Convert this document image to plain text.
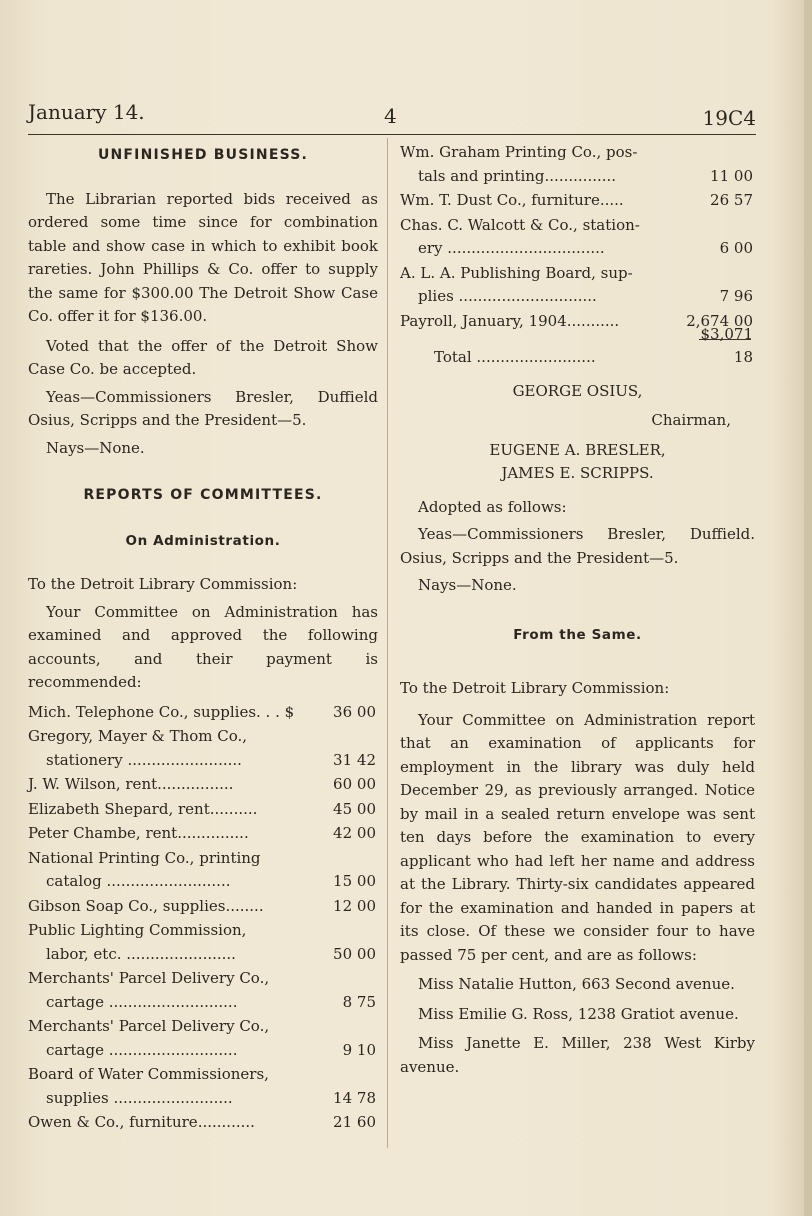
January 14.	4	19C4
UNFINISHED BUSINESS.

The Librarian reported bids received as ordered some time since for combination table and show case in which to exhibit book rareties. John Phillips & Co. offer to supply the same for $300.00 The Detroit Show Case Co. offer it for $136.00.

Voted that the offer of the Detroit Show Case Co. be accepted.

Yeas—Commissioners Bresler, Duffield Osius, Scripps and the President—5.

Nays—None.

REPORTS OF COMMITTEES.
On Administration.

To the Detroit Library Commission:

Your Committee on Administration has examined and approved the following accounts, and their payment is recommended:

Mich. Telephone Co., supplies. . . $	36 00
Gregory, Mayer & Thom Co.,
stationery ........................	31 42
J. W. Wilson, rent................	60 00
Elizabeth Shepard, rent..........	45 00
Peter Chambe, rent...............	42 00
National Printing Co., printing
catalog ..........................	15 00
Gibson Soap Co., supplies........	12 00
Public Lighting Commission,
labor, etc. .......................	50 00
Merchants' Parcel Delivery Co.,
cartage ...........................	8 75
Merchants' Parcel Delivery Co.,
cartage ...........................	9 10
Board of Water Commissioners,
supplies .........................	14 78
Owen & Co., furniture............	21 60
Wm. Graham Printing Co., pos-
tals and printing...............	11 00
Wm. T. Dust Co., furniture.....	26 57
Chas. C. Walcott & Co., station-
ery .................................	6 00
A. L. A. Publishing Board, sup-
plies .............................	7 96
Payroll, January, 1904...........	2,674 00
Total .........................
$3,071 18
GEORGE OSIUS,
Chairman,
EUGENE A. BRESLER,
JAMES E. SCRIPPS.

Adopted as follows:

Yeas—Commissioners Bresler, Duffield. Osius, Scripps and the President—5.

Nays—None.

From the Same.

To the Detroit Library Commission:

Your Committee on Administration report that an examination of applicants for employment in the library was duly held December 29, as previously arranged. Notice by mail in a sealed return envelope was sent ten days before the examination to every applicant who had left her name and address at the Library. Thirty-six candidates appeared for the examination and handed in papers at its close. Of these we consider four to have passed 75 per cent, and are as follows:

Miss Natalie Hutton, 663 Second avenue.

Miss Emilie G. Ross, 1238 Gratiot avenue.

Miss Janette E. Miller, 238 West Kirby avenue.
